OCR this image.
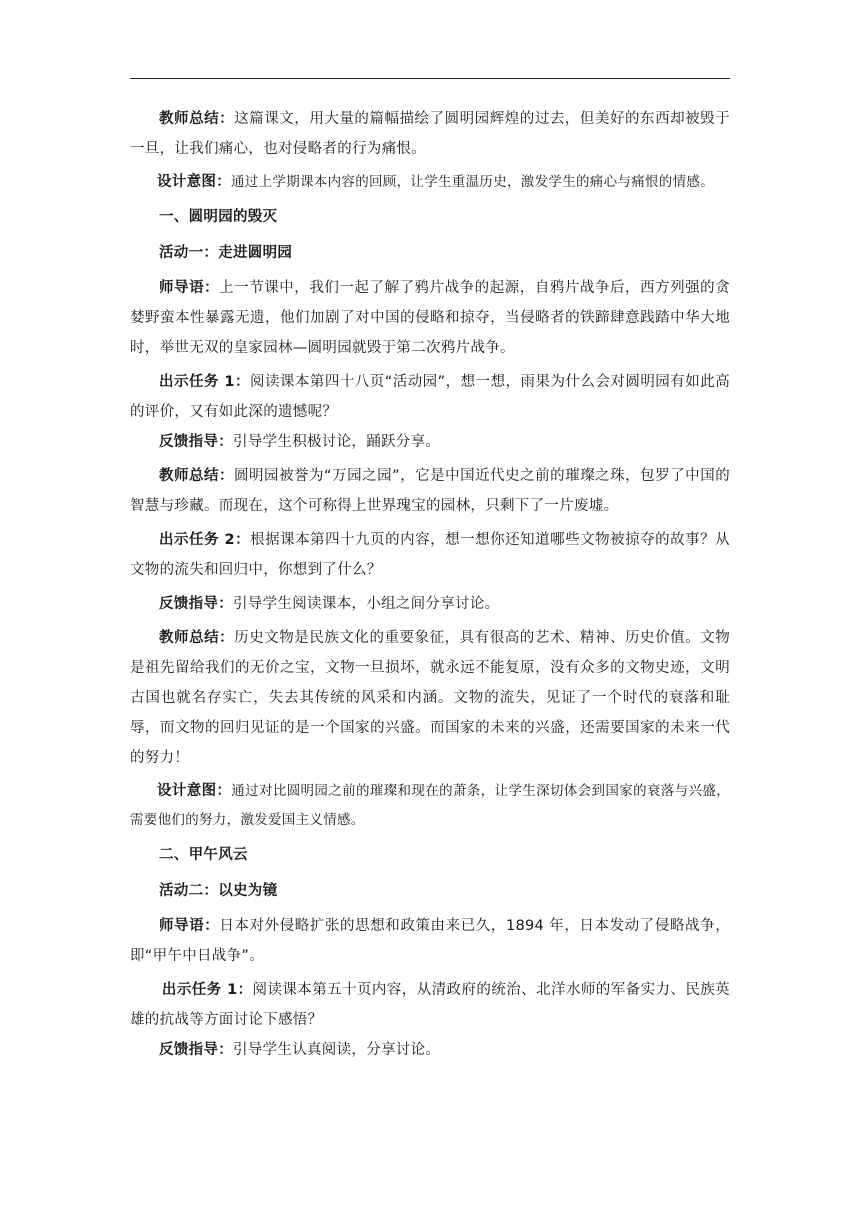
教师总结：这篇课文，用大量的篇幅描绘了圆明园辉煌的过去，但美好的东西却被毁于一旦，让我们痛心，也对侵略者的行为痛恨。

设计意图：通过上学期课本内容的回顾，让学生重温历史，激发学生的痛心与痛恨的情感。

一、圆明园的毁灭

活动一：走进圆明园

师导语：上一节课中，我们一起了解了鸦片战争的起源，自鸦片战争后，西方列强的贪婪野蛮本性暴露无遗，他们加剧了对中国的侵略和掠夺，当侵略者的铁蹄肆意践踏中华大地时，举世无双的皇家园林—圆明园就毁于第二次鸦片战争。

出示任务 1：阅读课本第四十八页“活动园”，想一想，雨果为什么会对圆明园有如此高的评价，又有如此深的遗憾呢？

反馈指导：引导学生积极讨论，踊跃分享。

教师总结：圆明园被誉为“万园之园”，它是中国近代史之前的璀璨之珠，包罗了中国的智慧与珍藏。而现在，这个可称得上世界瑰宝的园林，只剩下了一片废墟。

出示任务 2：根据课本第四十九页的内容，想一想你还知道哪些文物被掠夺的故事？从文物的流失和回归中，你想到了什么？

反馈指导：引导学生阅读课本，小组之间分享讨论。

教师总结：历史文物是民族文化的重要象征，具有很高的艺术、精神、历史价值。文物是祖先留给我们的无价之宝，文物一旦损坏，就永远不能复原，没有众多的文物史迹，文明古国也就名存实亡，失去其传统的风采和内涵。文物的流失，见证了一个时代的衰落和耻辱，而文物的回归见证的是一个国家的兴盛。而国家的未来的兴盛，还需要国家的未来一代的努力！

设计意图：通过对比圆明园之前的璀璨和现在的萧条，让学生深切体会到国家的衰落与兴盛，需要他们的努力，激发爱国主义情感。

二、甲午风云

活动二：以史为镜

师导语：日本对外侵略扩张的思想和政策由来已久，1894 年，日本发动了侵略战争，即“甲午中日战争”。

出示任务 1：阅读课本第五十页内容，从清政府的统治、北洋水师的军备实力、民族英雄的抗战等方面讨论下感悟？

反馈指导：引导学生认真阅读，分享讨论。
